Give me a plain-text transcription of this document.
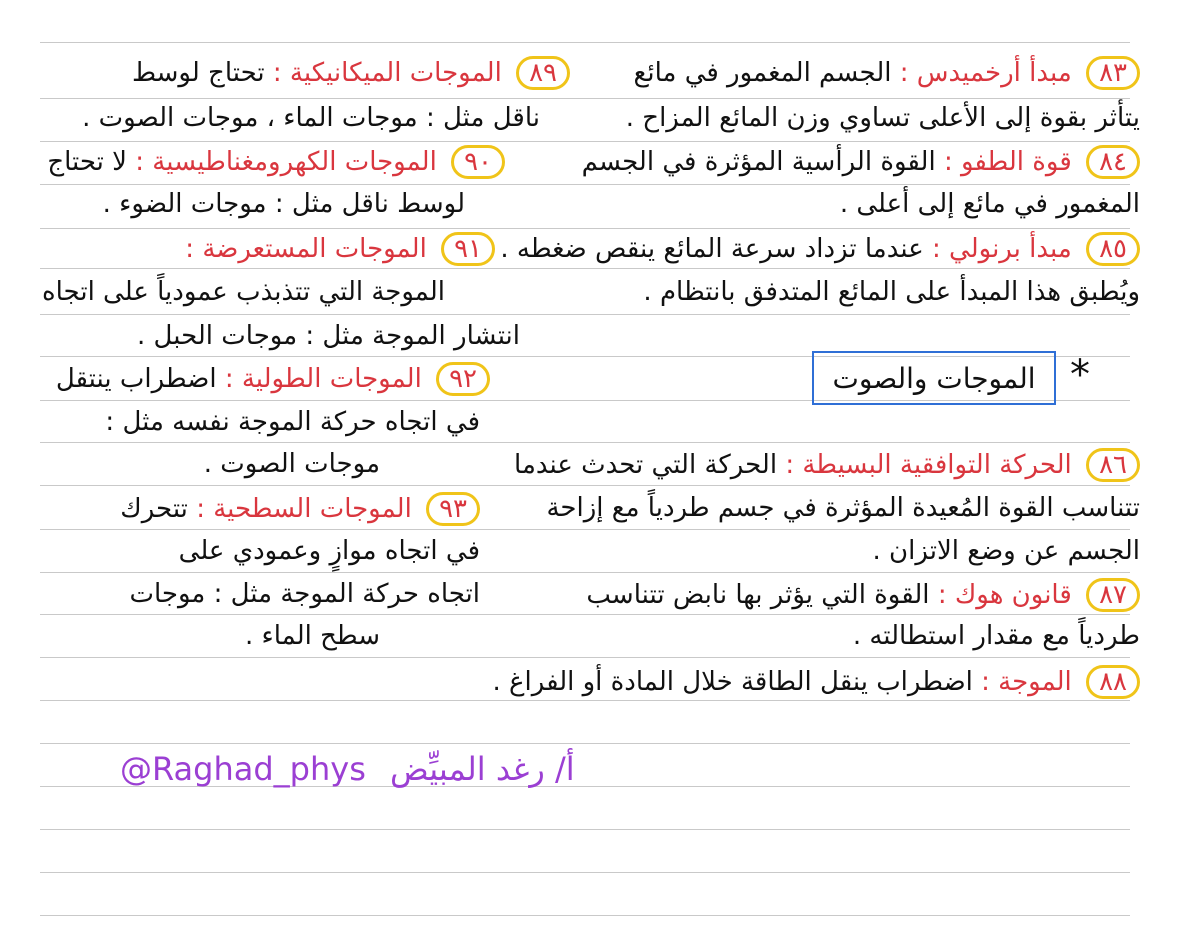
٨٣ مبدأ أرخميدس : الجسم المغمور في مائع
يتأثر بقوة إلى الأعلى تساوي وزن المائع المزاح .
٨٤ قوة الطفو : القوة الرأسية المؤثرة في الجسم
المغمور في مائع إلى أعلى .
٨٥ مبدأ برنولي : عندما تزداد سرعة المائع ينقص ضغطه .
ويُطبق هذا المبدأ على المائع المتدفق بانتظام .
*
الموجات والصوت
٨٦ الحركة التوافقية البسيطة : الحركة التي تحدث عندما
تتناسب القوة المُعيدة المؤثرة في جسم طردياً مع إزاحة
الجسم عن وضع الاتزان .
٨٧ قانون هوك : القوة التي يؤثر بها نابض تتناسب
طردياً مع مقدار استطالته .
٨٨ الموجة : اضطراب ينقل الطاقة خلال المادة أو الفراغ .
٨٩ الموجات الميكانيكية : تحتاج لوسط
ناقل مثل : موجات الماء ، موجات الصوت .
٩٠ الموجات الكهرومغناطيسية : لا تحتاج
لوسط ناقل مثل : موجات الضوء .
٩١ الموجات المستعرضة :
الموجة التي تتذبذب عمودياً على اتجاه
انتشار الموجة مثل : موجات الحبل .
٩٢ الموجات الطولية : اضطراب ينتقل
في اتجاه حركة الموجة نفسه مثل :
موجات الصوت .
٩٣ الموجات السطحية : تتحرك
في اتجاه موازٍ وعمودي على
اتجاه حركة الموجة مثل : موجات
سطح الماء .
@Raghad_phys أ/ رغد المبيِّض
